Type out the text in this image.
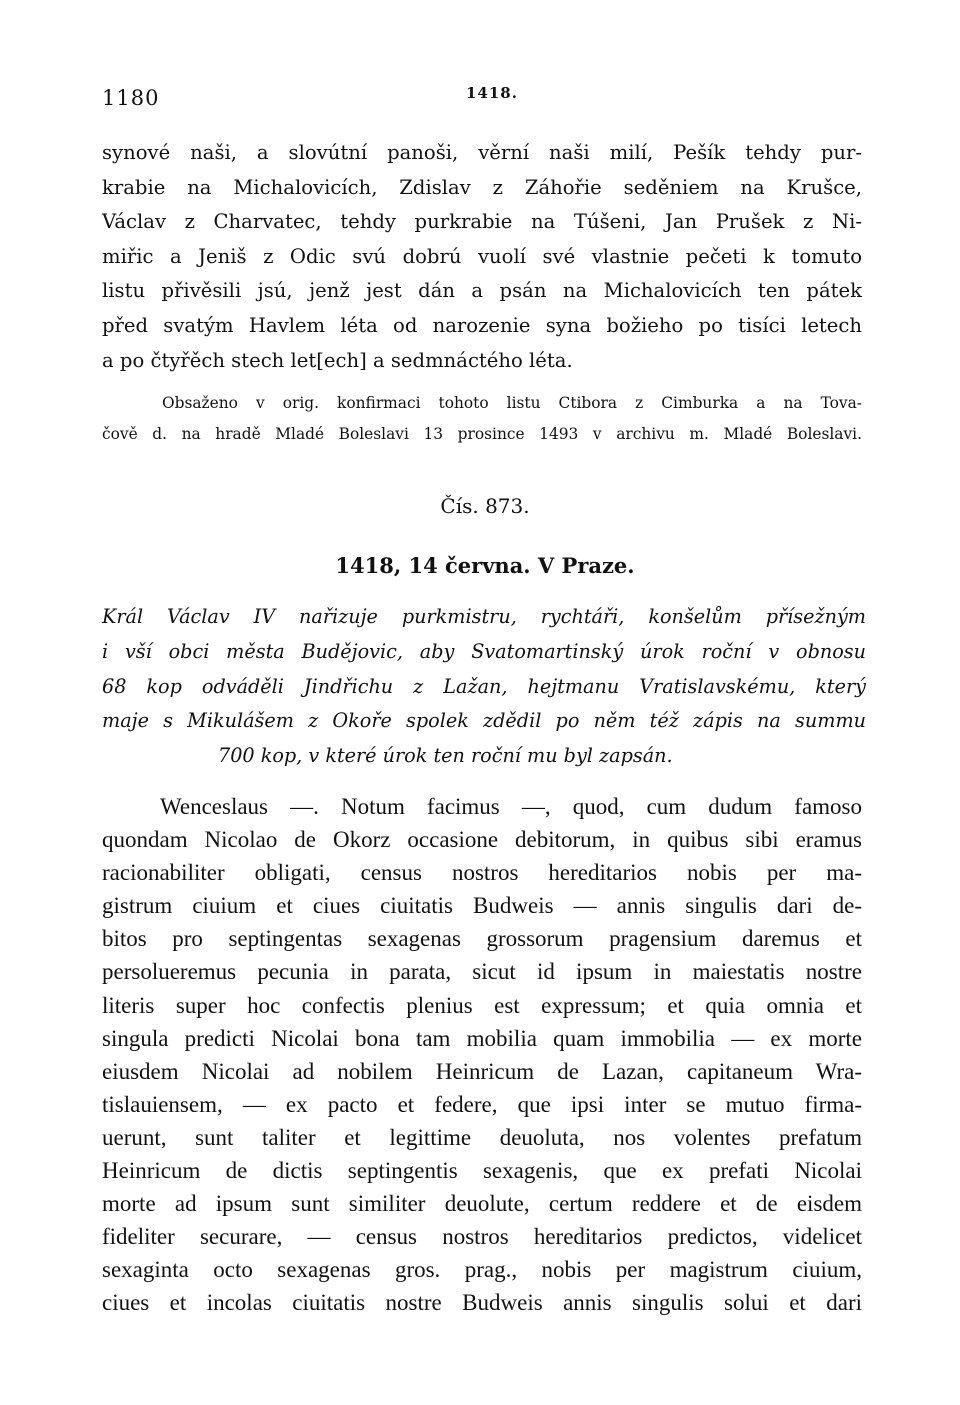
1180	1418.
synové naši, a slovútní panoši, věrní naši milí, Pešík tehdy pur-
krabie na Michalovicích, Zdislav z Záhořie seděniem na Krušce,
Václav z Charvatec, tehdy purkrabie na Túšeni, Jan Prušek z Ni-
miřic a Jeniš z Odic svú dobrú vuolí své vlastnie pečeti k tomuto
listu přivěsili jsú, jenž jest dán a psán na Michalovicích ten pátek
před svatým Havlem léta od narozenie syna božieho po tisíci letech
a po čtyřěch stech let[ech] a sedmnáctého léta.
Obsaženo v orig. konfirmaci tohoto listu Ctibora z Cimburka a na Tova-
čově d. na hradě Mladé Boleslavi 13 prosince 1493 v archivu m. Mladé Boleslavi.
Čís. 873.
1418, 14 června. V Praze.
Král Václav IV nařizuje purkmistru, rychtáři, konšelům přísežným
i vší obci města Budějovic, aby Svatomartinský úrok roční v obnosu
68 kop odváděli Jindřichu z Lažan, hejtmanu Vratislavskému, který
maje s Mikulášem z Okoře spolek zdědil po něm též zápis na summu
700 kop, v které úrok ten roční mu byl zapsán.
Wenceslaus —. Notum facimus —, quod, cum dudum famoso
quondam Nicolao de Okorz occasione debitorum, in quibus sibi eramus
racionabiliter obligati, census nostros hereditarios nobis per ma-
gistrum ciuium et ciues ciuitatis Budweis — annis singulis dari de-
bitos pro septingentas sexagenas grossorum pragensium daremus et
persolueremus pecunia in parata, sicut id ipsum in maiestatis nostre
literis super hoc confectis plenius est expressum; et quia omnia et
singula predicti Nicolai bona tam mobilia quam immobilia — ex morte
eiusdem Nicolai ad nobilem Heinricum de Lazan, capitaneum Wra-
tislauiensem, — ex pacto et federe, que ipsi inter se mutuo firma-
uerunt, sunt taliter et legittime deuoluta, nos volentes prefatum
Heinricum de dictis septingentis sexagenis, que ex prefati Nicolai
morte ad ipsum sunt similiter deuolute, certum reddere et de eisdem
fideliter securare, — census nostros hereditarios predictos, videlicet
sexaginta octo sexagenas gros. prag., nobis per magistrum ciuium,
ciues et incolas ciuitatis nostre Budweis annis singulis solui et dari
